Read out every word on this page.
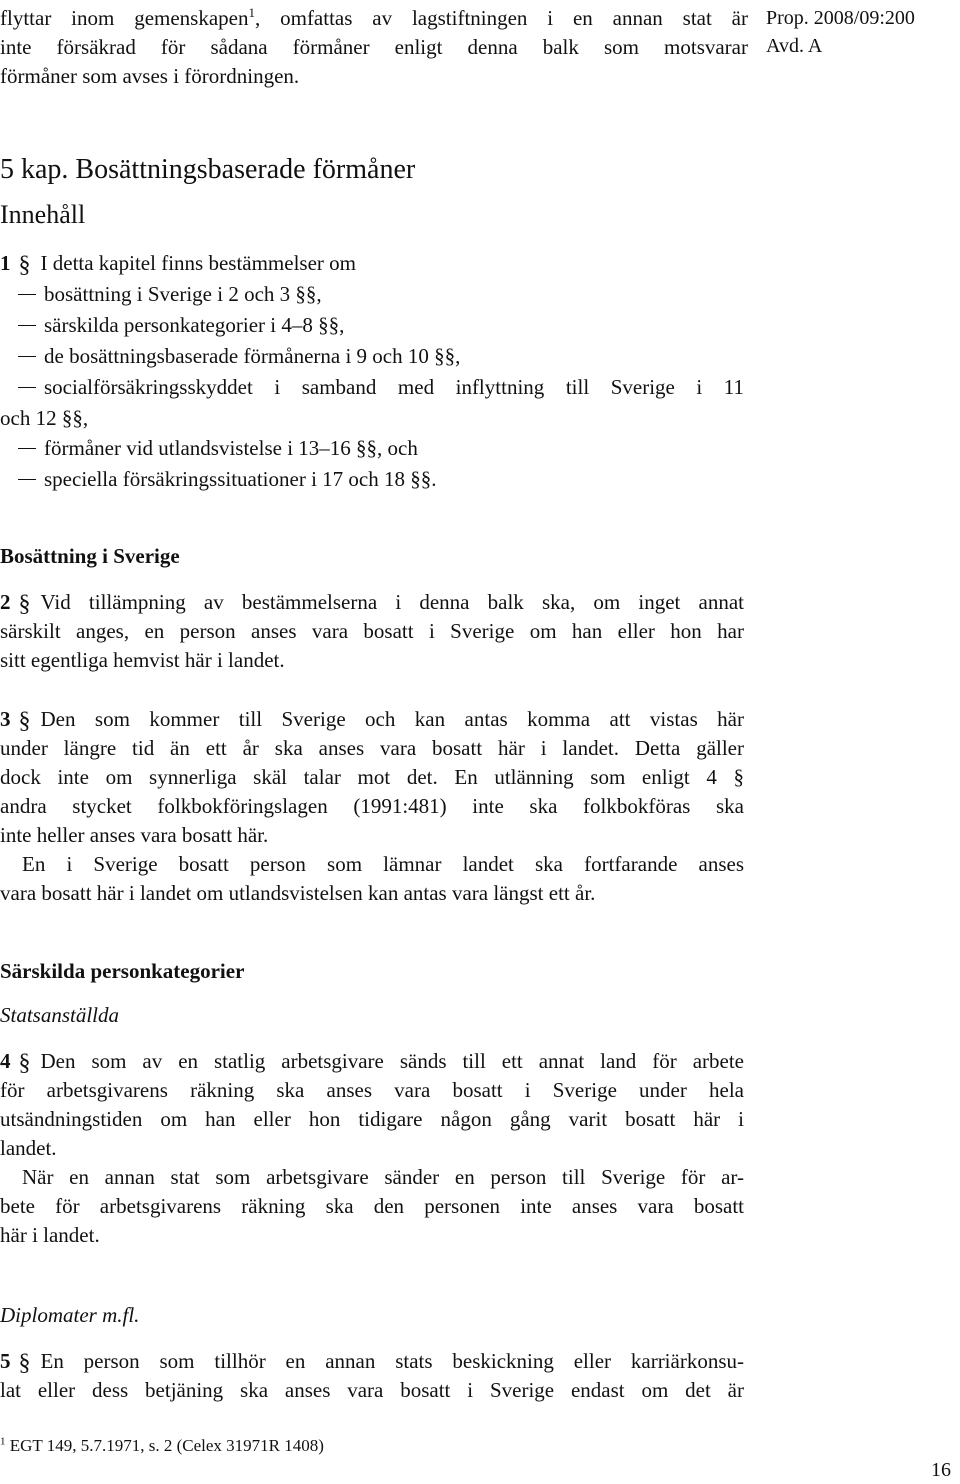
flyttar inom gemenskapen$^1$, omfattas av lagstiftningen i en annan stat är
inte försäkrad för sådana förmåner enligt denna balk som motsvarar
förmåner som avses i förordningen.
Prop. 2008/09:200
Avd. A
5 kap. Bosättningsbaserade förmåner
Innehåll
1 § I detta kapitel finns bestämmelser om
bosättning i Sverige i 2 och 3 §§,
särskilda personkategorier i 4–8 §§,
de bosättningsbaserade förmånerna i 9 och 10 §§,
socialförsäkringsskyddet i samband med inflyttning till Sverige i 11
och 12 §§,
förmåner vid utlandsvistelse i 13–16 §§, och
speciella försäkringssituationer i 17 och 18 §§.
Bosättning i Sverige
2 § Vid tillämpning av bestämmelserna i denna balk ska, om inget annat
särskilt anges, en person anses vara bosatt i Sverige om han eller hon har
sitt egentliga hemvist här i landet.
3 § Den som kommer till Sverige och kan antas komma att vistas här
under längre tid än ett år ska anses vara bosatt här i landet. Detta gäller
dock inte om synnerliga skäl talar mot det. En utlänning som enligt 4 §
andra stycket folkbokföringslagen (1991:481) inte ska folkbokföras ska
inte heller anses vara bosatt här.
En i Sverige bosatt person som lämnar landet ska fortfarande anses
vara bosatt här i landet om utlandsvistelsen kan antas vara längst ett år.
Särskilda personkategorier
Statsanställda
4 § Den som av en statlig arbetsgivare sänds till ett annat land för arbete
för arbetsgivarens räkning ska anses vara bosatt i Sverige under hela
utsändningstiden om han eller hon tidigare någon gång varit bosatt här i
landet.
När en annan stat som arbetsgivare sänder en person till Sverige för ar-
bete för arbetsgivarens räkning ska den personen inte anses vara bosatt
här i landet.
Diplomater m.fl.
5 § En person som tillhör en annan stats beskickning eller karriärkonsu-
lat eller dess betjäning ska anses vara bosatt i Sverige endast om det är
$^1$ EGT 149, 5.7.1971, s. 2 (Celex 31971R 1408)
16
